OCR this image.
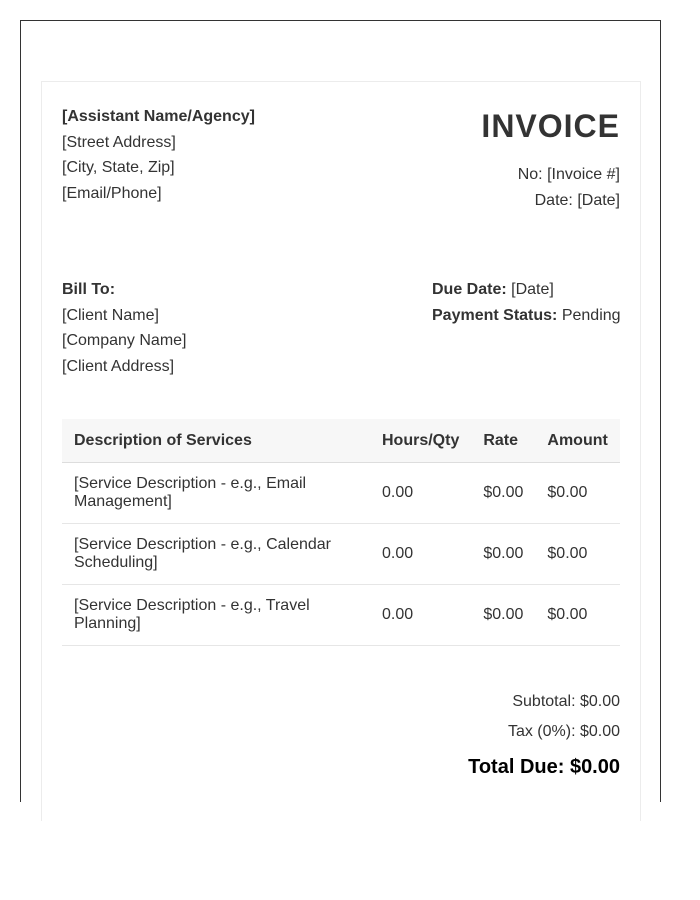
[Assistant Name/Agency]
[Street Address]
[City, State, Zip]
[Email/Phone]
INVOICE
No: [Invoice #]
Date: [Date]
Bill To:
[Client Name]
[Company Name]
[Client Address]
Due Date: [Date]
Payment Status: Pending
Description of Services	Hours/Qty	Rate	Amount
[Service Description - e.g., Email Management]	0.00	$0.00	$0.00
[Service Description - e.g., Calendar Scheduling]	0.00	$0.00	$0.00
[Service Description - e.g., Travel Planning]	0.00	$0.00	$0.00
Subtotal: $0.00
Tax (0%): $0.00
Total Due: $0.00
